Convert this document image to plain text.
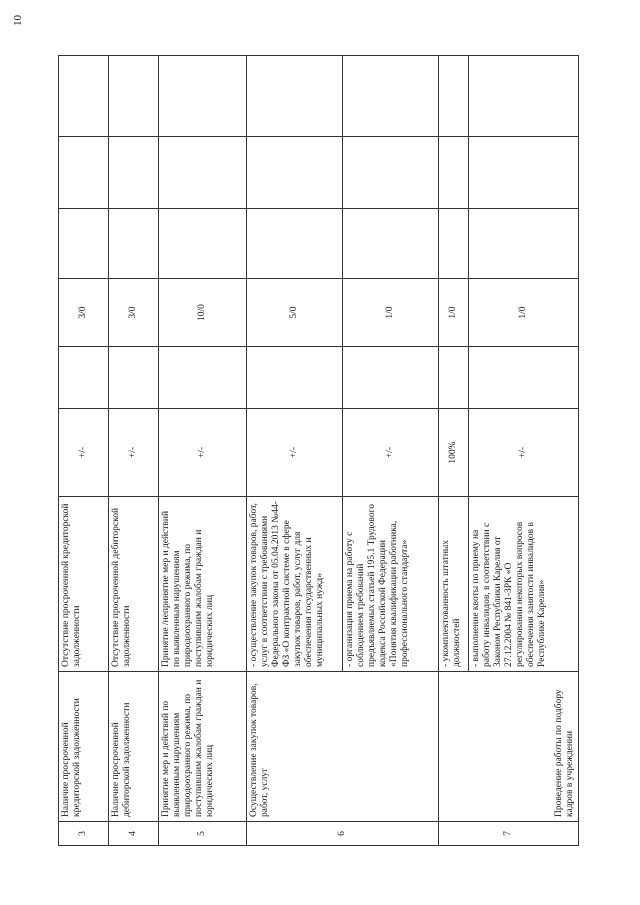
10
3	Наличие просроченной кредиторской задолженности	Отсутствие просроченной кредиторской задолженности	+/-		3/0			
4	Наличие просроченной дебиторской задолженности	Отсутствие просроченной дебиторской задолженности	+/-		3/0			
5	Принятие мер и действий по выявленным нарушениям природоохранного режима, по поступившим жалобам граждан и юридических лиц	Принятие /непринятие мер и действий по выявленным нарушениям природоохранного режима, по поступившим жалобам граждан и юридических лиц	+/-		10/0			
6	Осуществление закупок товаров, работ, услуг	- осуществление закупок товаров, работ, услуг в соответствии с требованиями Федерального закона от 05.04.2013 №44-ФЗ «О контрактной системе в сфере закупок товаров, работ, услуг для обеспечения государственных и муниципальных нужд»	+/-		5/0			
		- организация приема на работу с соблюдением требований предъявляемых статьей 195.1 Трудового кодекса Российской Федерации «Понятия квалификации работника, профессионального стандарта»	+/-		1/0			
7	Проведение работы по подбору кадров в учреждении	- укомплектованность штатных должностей	100%		1/0			
		- выполнение квоты по приему на работу инвалидов, в соответствии с Законом Республики Карелия от 27.12.2004 № 841-ЗРК «О регулировании некоторых вопросов обеспечения занятости инвалидов в Республике Карелия»	+/-		1/0			
